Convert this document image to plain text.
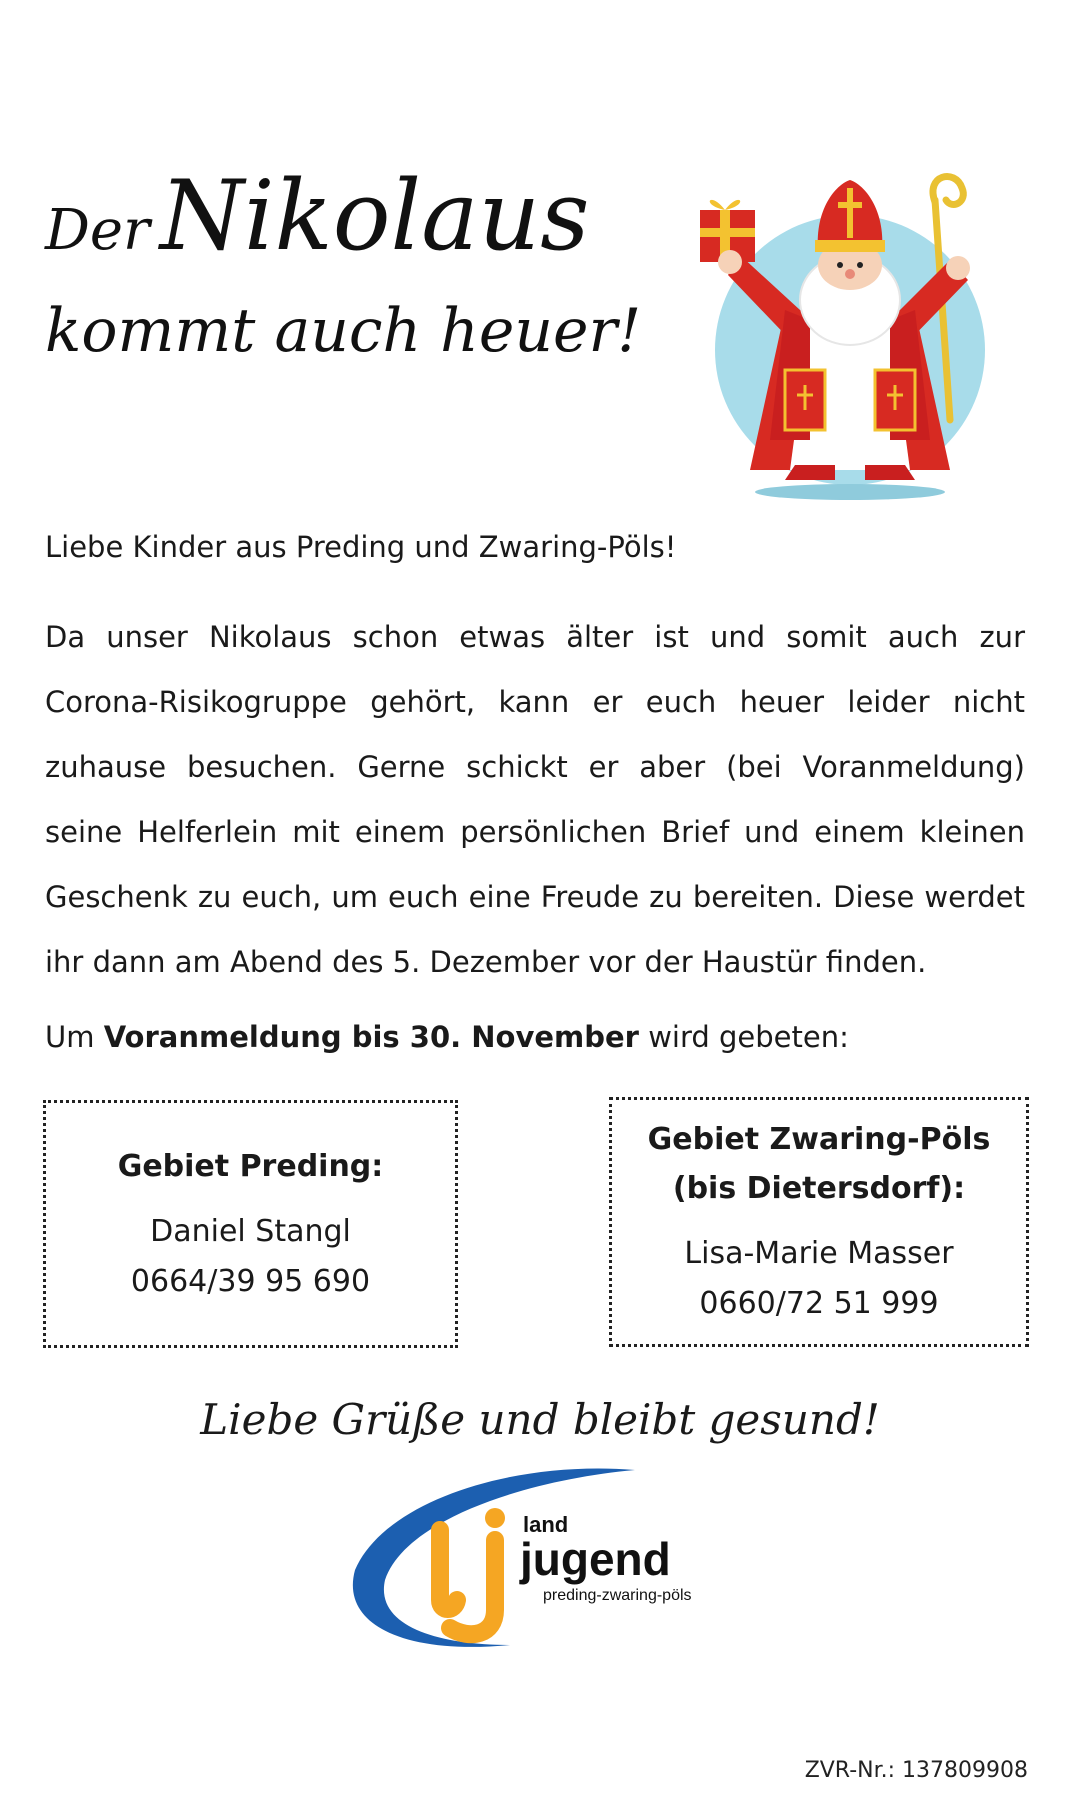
Der Nikolaus
kommt auch heuer!
Liebe Kinder aus Preding und Zwaring-Pöls!
Da unser Nikolaus schon etwas älter ist und somit auch zur Corona-Risikogruppe gehört, kann er euch heuer leider nicht zuhause besuchen. Gerne schickt er aber (bei Voranmeldung) seine Helferlein mit einem persönlichen Brief und einem kleinen Geschenk zu euch, um euch eine Freude zu bereiten. Diese werdet ihr dann am Abend des 5. Dezember vor der Haustür finden.
Um Voranmeldung bis 30. November wird gebeten:
Gebiet Preding:
Daniel Stangl
0664/39 95 690
Gebiet Zwaring-Pöls (bis Dietersdorf):
Lisa-Marie Masser
0660/72 51 999
Liebe Grüße und bleibt gesund!
land
jugend
preding-zwaring-pöls
ZVR-Nr.: 137809908
